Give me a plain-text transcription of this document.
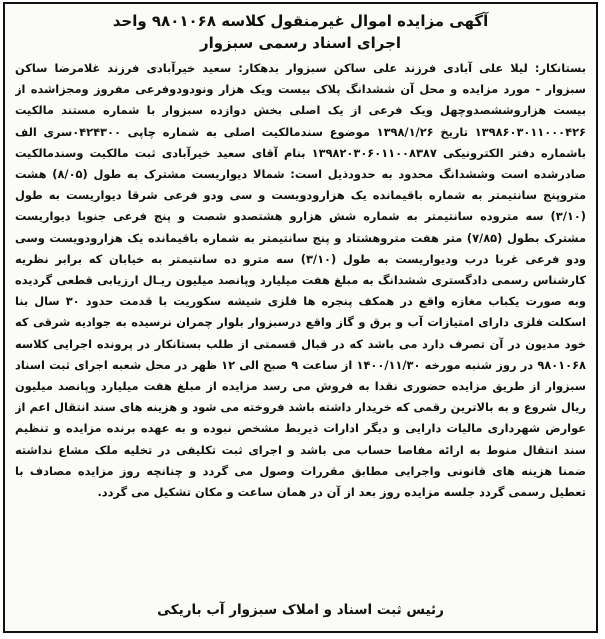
آگهی مزایده اموال غیرمنقول کلاسه ۹۸۰۱۰۶۸ واحد
اجرای اسناد رسمی سبزوار
بستانکار: لیلا علی آبادی فرزند علی ساکن سبزوار بدهکار: سعید خیرآبادی فرزند غلامرضا ساکن سبزوار - مورد مزایده و محل آن ششدانگ پلاک بیست ویک هزار ونودودوفرعی مفروز ومجزاشده از بیست هزاروششصدوچهل ویک فرعی از یک اصلی بخش دوازده سبزوار با شماره مستند مالکیت ۱۳۹۸۶۰۳۰۱۱۰۰۰۴۲۶ تاریخ ۱۳۹۸/۱/۲۶ موضوع سندمالکیت اصلی به شماره چاپی ۰۴۲۴۳۰۰سری الف باشماره دفتر الکترونیکی ۱۳۹۸۲۰۳۰۶۰۱۱۰۰۸۳۸۷ بنام آقای سعید خیرآبادی ثبت مالکیت وسندمالکیت صادرشده است وششدانگ محدود به حدودذیل است: شمالا دیواریست مشترک به طول (۸/۰۵) هشت متروپنج سانتیمتر به شماره باقیمانده یک هزارودویست و سی ودو فرعی شرقا دیواریست به طول (۳/۱۰) سه متروده سانتیمتر به شماره شش هزارو هشتصدو شصت و پنج فرعی جنوبا دیواریست مشترک بطول (۷/۸۵) متر هفت متروهشتاد و پنج سانتیمتر به شماره باقیمانده یک هزارودویست وسی ودو فرعی غربا درب ودیواریست به طول (۳/۱۰) سه مترو ده سانتیمتر به خیابان که برابر نظریه کارشناس رسمی دادگستری ششدانگ به مبلغ هفت میلیارد وپانصد میلیون ریـال ارزیابی قطعی گردیده وبه صورت یکباب مغازه واقع در همکف پنجره ها فلزی شیشه سکوریت با قدمت حدود ۳۰ سال بنا اسکلت فلزی دارای امتیازات آب و برق و گاز واقع درسبزوار بلوار چمران نرسیده به جوادیه شرقی که خود مدیون در آن تصرف دارد می باشد که در قبال قسمتی از طلب بستانکار در پرونده اجرایی کلاسه ۹۸۰۱۰۶۸ در روز شنبه مورخه ۱۴۰۰/۱۱/۳۰ از ساعت ۹ صبح الی ۱۲ ظهر در محل شعبه اجرای ثبت اسناد سبزوار از طریق مزایده حضوری نقدا به فروش می رسد مزایده از مبلغ هفت میلیارد وپانصد میلیون ریال شروع و به بالاترین رقمی که خریدار داشته باشد فروخته می شود و هزینه های سند انتقال اعم از عوارض شهرداری مالیات دارایی و دیگر ادارات ذیربط مشخص نبوده و به عهده برنده مزایده و تنظیم سند انتقال منوط به ارائه مفاصا حساب می باشد و اجرای ثبت تکلیفی در تخلیه ملک مشاع نداشته ضمنا هزینه های قانونی واجرایی مطابق مقررات وصول می گردد و چنانچه روز مزایده مصادف با تعطیل رسمی گردد جلسه مزایده روز بعد از آن در همان ساعت و مکان تشکیل می گردد.
رئیس ثبت اسناد و املاک سبزوار آب باریکی
